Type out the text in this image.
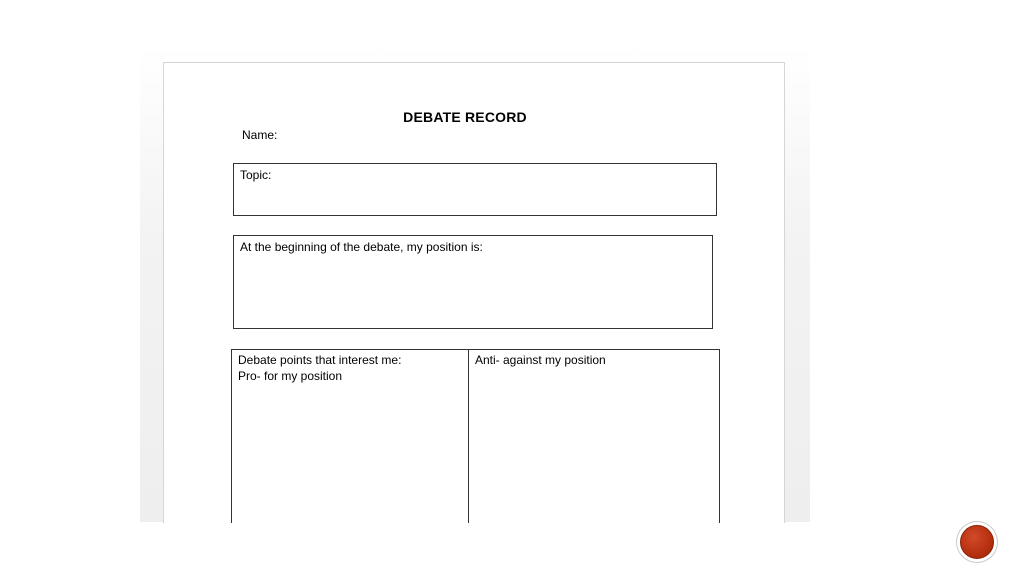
DEBATE RECORD
Name:
Topic:
At the beginning of the debate, my position is:
Debate points that interest me:
Pro- for my position
Anti- against my position
